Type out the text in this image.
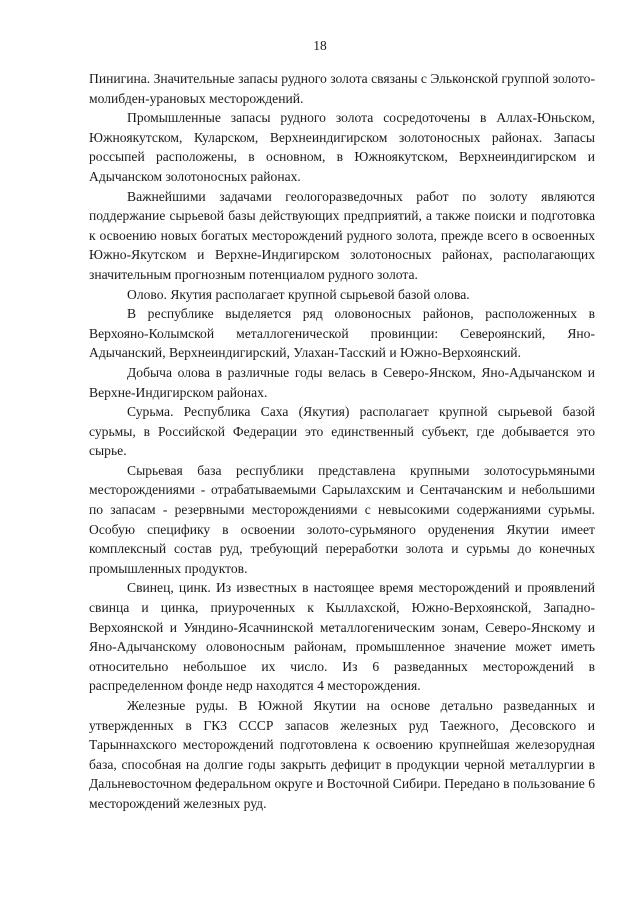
18

Пинигина. Значительные запасы рудного золота связаны с Эльконской группой золото-молибден-урановых месторождений.

Промышленные запасы рудного золота сосредоточены в Аллах-Юньском, Южноякутском, Куларском, Верхнеиндигирском золотоносных районах. Запасы россыпей расположены, в основном, в Южноякутском, Верхнеиндигирском и Адычанском золотоносных районах.

Важнейшими задачами геологоразведочных работ по золоту являются поддержание сырьевой базы действующих предприятий, а также поиски и подготовка к освоению новых богатых месторождений рудного золота, прежде всего в освоенных Южно-Якутском и Верхне-Индигирском золотоносных районах, располагающих значительным прогнозным потенциалом рудного золота.

Олово. Якутия располагает крупной сырьевой базой олова.

В республике выделяется ряд оловоносных районов, расположенных в Верхояно-Колымской металлогенической провинции: Североянский, Яно-Адычанский, Верхнеиндигирский, Улахан-Тасский и Южно-Верхоянский.

Добыча олова в различные годы велась в Северо-Янском, Яно-Адычанском и Верхне-Индигирском районах.

Сурьма. Республика Саха (Якутия) располагает крупной сырьевой базой сурьмы, в Российской Федерации это единственный субъект, где добывается это сырье.

Сырьевая база республики представлена крупными золотосурьмяными месторождениями - отрабатываемыми Сарылахским и Сентачанским и небольшими по запасам - резервными месторождениями с невысокими содержаниями сурьмы. Особую специфику в освоении золото-сурьмяного оруденения Якутии имеет комплексный состав руд, требующий переработки золота и сурьмы до конечных промышленных продуктов.

Свинец, цинк. Из известных в настоящее время месторождений и проявлений свинца и цинка, приуроченных к Кыллахской, Южно-Верхоянской, Западно-Верхоянской и Уяндино-Ясачнинской металлогеническим зонам, Северо-Янскому и Яно-Адычанскому оловоносным районам, промышленное значение может иметь относительно небольшое их число. Из 6 разведанных месторождений в распределенном фонде недр находятся 4 месторождения.

Железные руды. В Южной Якутии на основе детально разведанных и утвержденных в ГКЗ СССР запасов железных руд Таежного, Десовского и Тарыннахского месторождений подготовлена к освоению крупнейшая железорудная база, способная на долгие годы закрыть дефицит в продукции черной металлургии в Дальневосточном федеральном округе и Восточной Сибири. Передано в пользование 6 месторождений железных руд.
